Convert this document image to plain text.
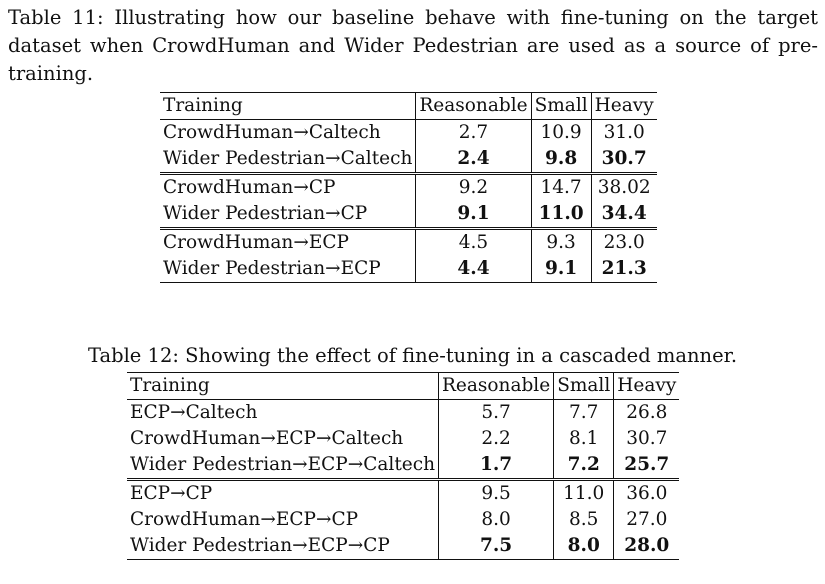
Table 11: Illustrating how our baseline behave with fine-tuning on the target dataset when CrowdHuman and Wider Pedestrian are used as a source of pre-training.
Training	Reasonable	Small	Heavy
CrowdHuman→Caltech	2.7	10.9	31.0
Wider Pedestrian→Caltech	2.4	9.8	30.7
CrowdHuman→CP	9.2	14.7	38.02
Wider Pedestrian→CP	9.1	11.0	34.4
CrowdHuman→ECP	4.5	9.3	23.0
Wider Pedestrian→ECP	4.4	9.1	21.3
Table 12: Showing the effect of fine-tuning in a cascaded manner.
Training	Reasonable	Small	Heavy
ECP→Caltech	5.7	7.7	26.8
CrowdHuman→ECP→Caltech	2.2	8.1	30.7
Wider Pedestrian→ECP→Caltech	1.7	7.2	25.7
ECP→CP	9.5	11.0	36.0
CrowdHuman→ECP→CP	8.0	8.5	27.0
Wider Pedestrian→ECP→CP	7.5	8.0	28.0
